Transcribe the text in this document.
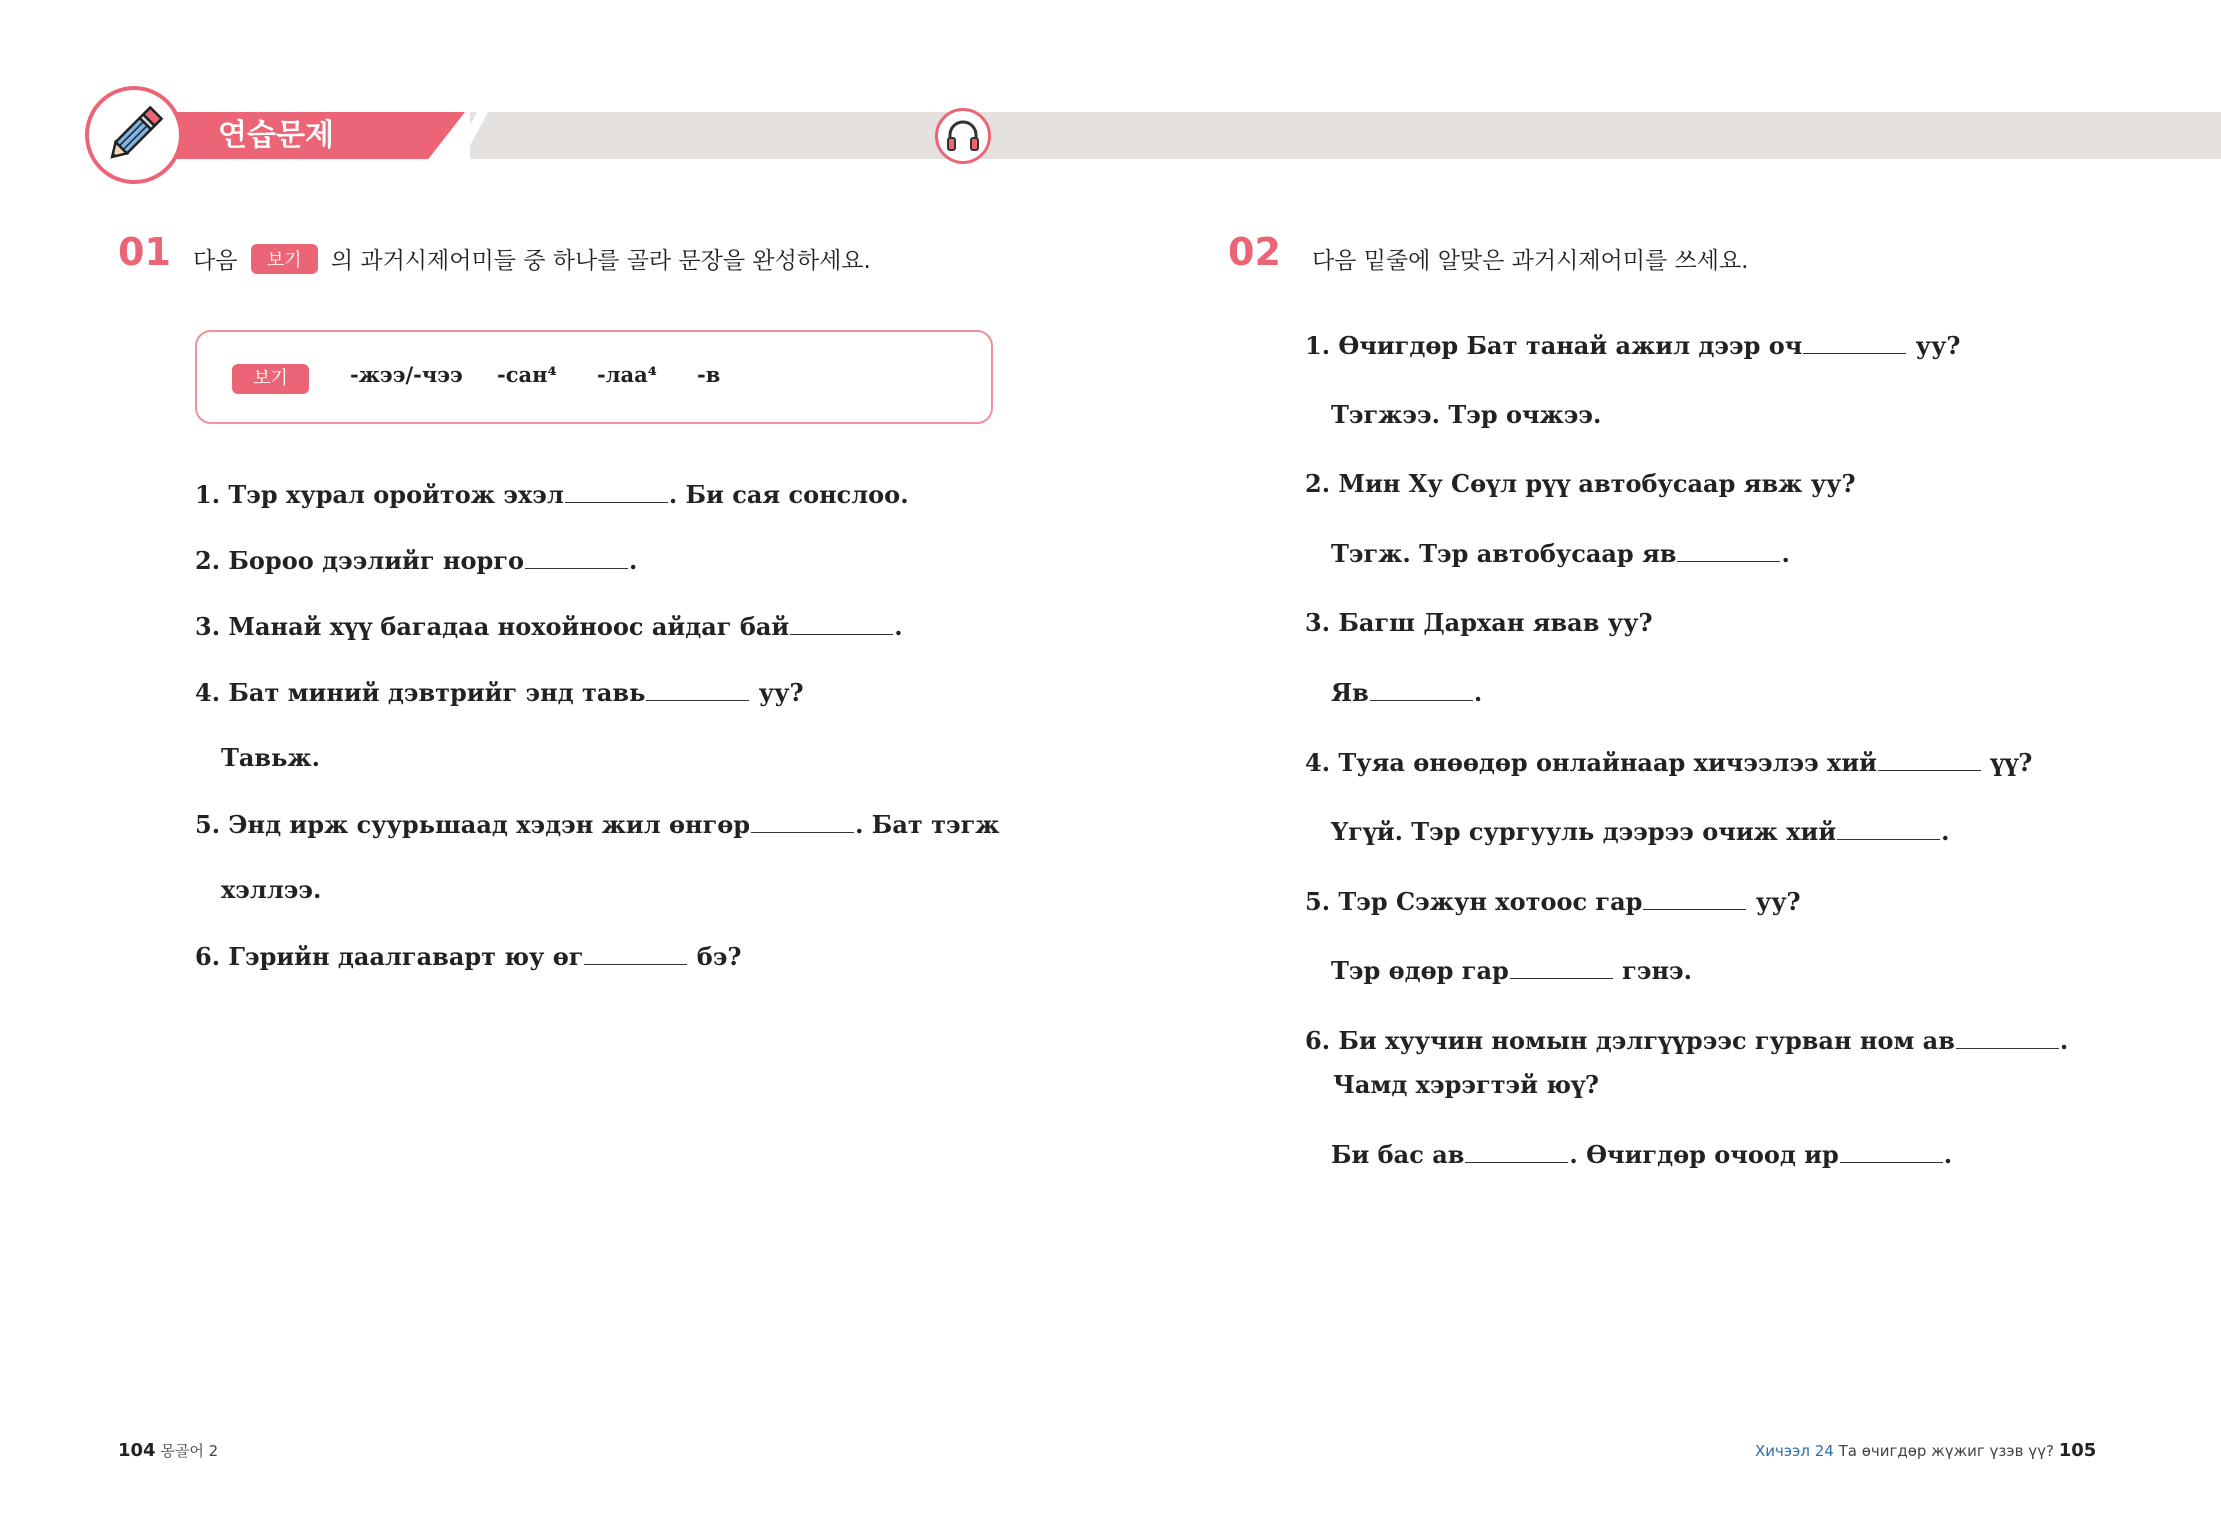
연습문제
01 다음 보기 의 과거시제어미들 중 하나를 골라 문장을 완성하세요.
보기	-жээ/-чээ -сан⁴ -лаа⁴ -в
1. Тэр хурал оройтож эхэл	. Би сая сонслоо.
2. Бороо дээлийг норго	.
3. Манай хүү багадаа нохойноос айдаг бай	.
4. Бат миний дэвтрийг энд тавь	уу?
Тавьж.
5. Энд ирж суурьшаад хэдэн жил өнгөр	. Бат тэгж
хэллээ.
6. Гэрийн даалгаварт юу өг	бэ?
02 다음 밑줄에 알맞은 과거시제어미를 쓰세요.
1. Өчигдөр Бат танай ажил дээр оч	уу?
Тэгжээ. Тэр очжээ.
2. Мин Ху Сөүл рүү автобусаар явж уу?
Тэгж. Тэр автобусаар яв	.
3. Багш Дархан явав уу?
Яв	.
4. Туяа өнөөдөр онлайнаар хичээлээ хий	үү?
Үгүй. Тэр сургууль дээрээ очиж хий	.
5. Тэр Сэжун хотоос гар	уу?
Тэр өдөр гар	гэнэ.
6. Би хуучин номын дэлгүүрээс гурван ном ав	.
Чамд хэрэгтэй юү?
Би бас ав	. Өчигдөр очоод ир	.
104 몽골어 2	Хичээл 24 Та өчигдөр жүжиг үзэв үү? 105
